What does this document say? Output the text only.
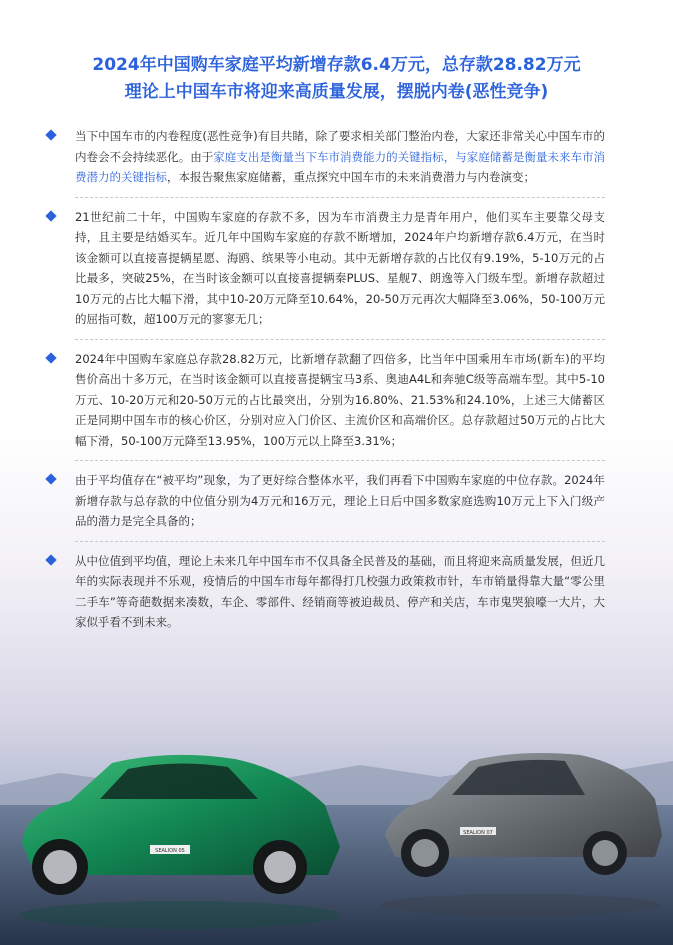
2024年中国购车家庭平均新增存款6.4万元，总存款28.82万元
理论上中国车市将迎来高质量发展，摆脱内卷(恶性竞争)
当下中国车市的内卷程度(恶性竞争)有目共睹，除了要求相关部门整治内卷，大家还非常关心中国车市的内卷会不会持续恶化。由于家庭支出是衡量当下车市消费能力的关键指标，与家庭储蓄是衡量未来车市消费潜力的关键指标，本报告聚焦家庭储蓄，重点探究中国车市的未来消费潜力与内卷演变；
21世纪前二十年，中国购车家庭的存款不多，因为车市消费主力是青年用户，他们买车主要靠父母支持，且主要是结婚买车。近几年中国购车家庭的存款不断增加，2024年户均新增存款6.4万元，在当时该金额可以直接喜提辆星愿、海鸥、缤果等小电动。其中无新增存款的占比仅有9.19%，5-10万元的占比最多，突破25%，在当时该金额可以直接喜提辆秦PLUS、星舰7、朗逸等入门级车型。新增存款超过10万元的占比大幅下滑，其中10-20万元降至10.64%，20-50万元再次大幅降至3.06%，50-100万元的屈指可数，超100万元的寥寥无几；
2024年中国购车家庭总存款28.82万元，比新增存款翻了四倍多，比当年中国乘用车市场(新车)的平均售价高出十多万元，在当时该金额可以直接喜提辆宝马3系、奥迪A4L和奔驰C级等高端车型。其中5-10万元、10-20万元和20-50万元的占比最突出，分别为16.80%、21.53%和24.10%，上述三大储蓄区正是同期中国车市的核心价区，分别对应入门价区、主流价区和高端价区。总存款超过50万元的占比大幅下滑，50-100万元降至13.95%，100万元以上降至3.31%；
由于平均值存在“被平均”现象，为了更好综合整体水平，我们再看下中国购车家庭的中位存款。2024年新增存款与总存款的中位值分别为4万元和16万元，理论上日后中国多数家庭选购10万元上下入门级产品的潜力是完全具备的；
从中位值到平均值，理论上未来几年中国车市不仅具备全民普及的基础，而且将迎来高质量发展，但近几年的实际表现并不乐观，疫情后的中国车市每年都得打几校强力政策救市针，车市销量得靠大量“零公里二手车”等奇葩数据来凑数，车企、零部件、经销商等被迫裁员、停产和关店，车市鬼哭狼嚎一大片，大家似乎看不到未来。
SEALION 07
SEALION 05
